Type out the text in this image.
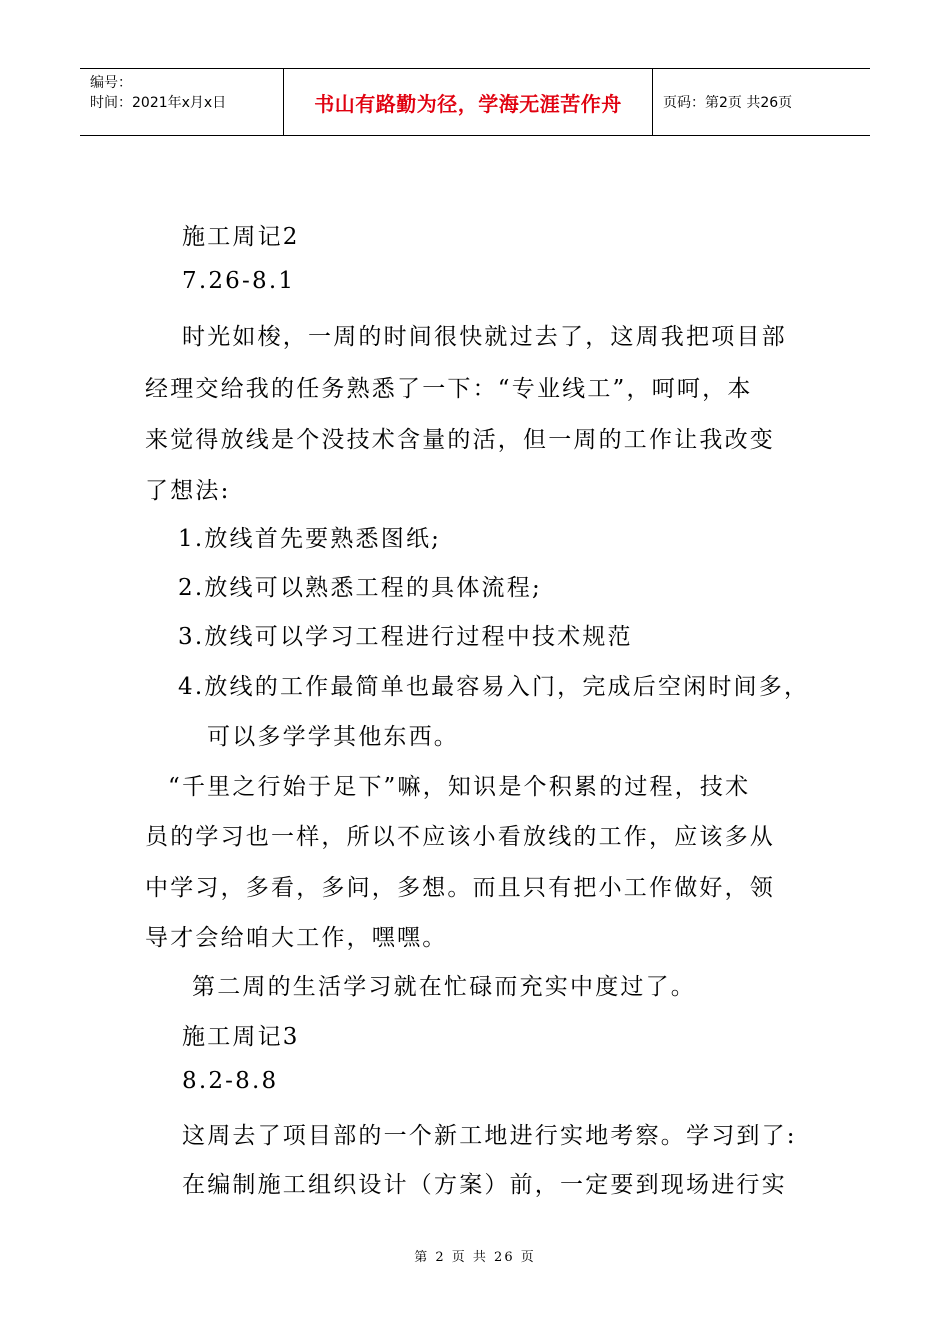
编号：
时间：2021年x月x日	书山有路勤为径，学海无涯苦作舟	页码：第2页 共26页
施工周记2
7.26-8.1
时光如梭，一周的时间很快就过去了，这周我把项目部
经理交给我的任务熟悉了一下：“专业线工”，呵呵，本
来觉得放线是个没技术含量的活，但一周的工作让我改变
了想法:
1.放线首先要熟悉图纸;
2.放线可以熟悉工程的具体流程;
3.放线可以学习工程进行过程中技术规范
4.放线的工作最简单也最容易入门，完成后空闲时间多，
可以多学学其他东西。
“千里之行始于足下”嘛，知识是个积累的过程，技术
员的学习也一样，所以不应该小看放线的工作，应该多从
中学习，多看，多问，多想。而且只有把小工作做好，领
导才会给咱大工作，嘿嘿。
第二周的生活学习就在忙碌而充实中度过了。
施工周记3
8.2-8.8
这周去了项目部的一个新工地进行实地考察。学习到了:
在编制施工组织设计（方案）前，一定要到现场进行实
第 2 页 共 26 页
